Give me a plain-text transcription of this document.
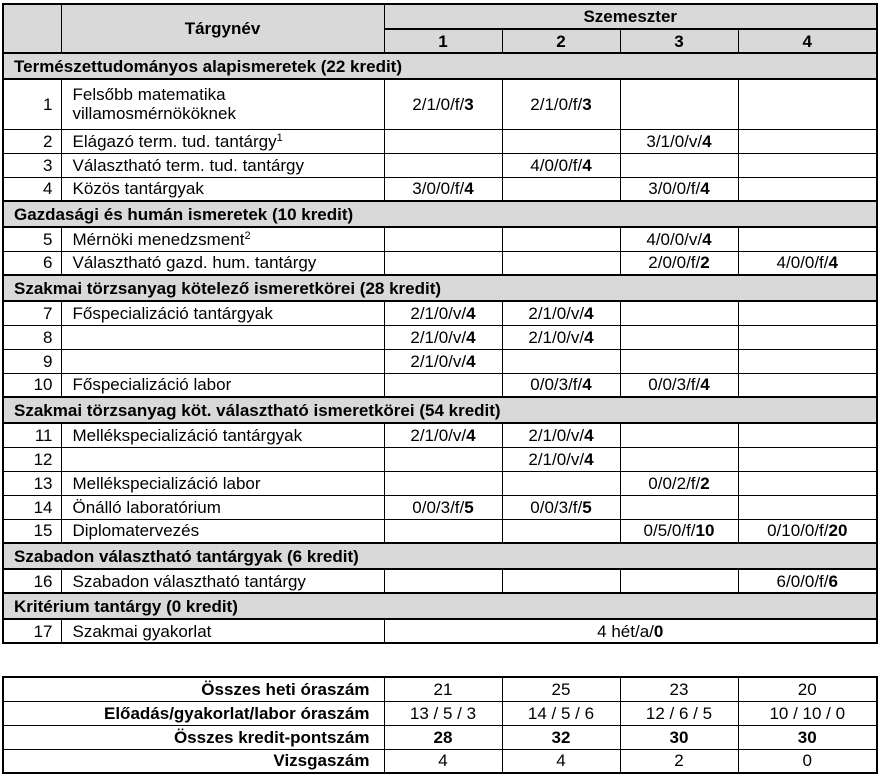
	Tárgynév	Szemeszter			
		1	2	3	4
Természettudományos alapismeretek (22 kredit)					
1	Felsőbb matematika villamosmérnököknek	2/1/0/f/3	2/1/0/f/3		
2	Elágazó term. tud. tantárgy$^1$			3/1/0/v/4	
3	Választható term. tud. tantárgy		4/0/0/f/4		
4	Közös tantárgyak	3/0/0/f/4		3/0/0/f/4	
Gazdasági és humán ismeretek (10 kredit)					
5	Mérnöki menedzsment$^2$			4/0/0/v/4	
6	Választható gazd. hum. tantárgy			2/0/0/f/2	4/0/0/f/4
Szakmai törzsanyag kötelező ismeretkörei (28 kredit)					
7	Főspecializáció tantárgyak	2/1/0/v/4	2/1/0/v/4		
8		2/1/0/v/4	2/1/0/v/4		
9		2/1/0/v/4			
10	Főspecializáció labor		0/0/3/f/4	0/0/3/f/4	
Szakmai törzsanyag köt. választható ismeretkörei (54 kredit)					
11	Mellékspecializáció tantárgyak	2/1/0/v/4	2/1/0/v/4		
12			2/1/0/v/4		
13	Mellékspecializáció labor			0/0/2/f/2	
14	Önálló laboratórium	0/0/3/f/5	0/0/3/f/5		
15	Diplomatervezés			0/5/0/f/10	0/10/0/f/20
Szabadon választható tantárgyak (6 kredit)					
16	Szabadon választható tantárgy				6/0/0/f/6
Kritérium tantárgy (0 kredit)					
17	Szakmai gyakorlat	4 hét/a/0			
Összes heti óraszám	21	25	23	20
Előadás/gyakorlat/labor óraszám	13 / 5 / 3	14 / 5 / 6	12 / 6 / 5	10 / 10 / 0
Összes kredit-pontszám	28	32	30	30
Vizsgaszám	4	4	2	0
